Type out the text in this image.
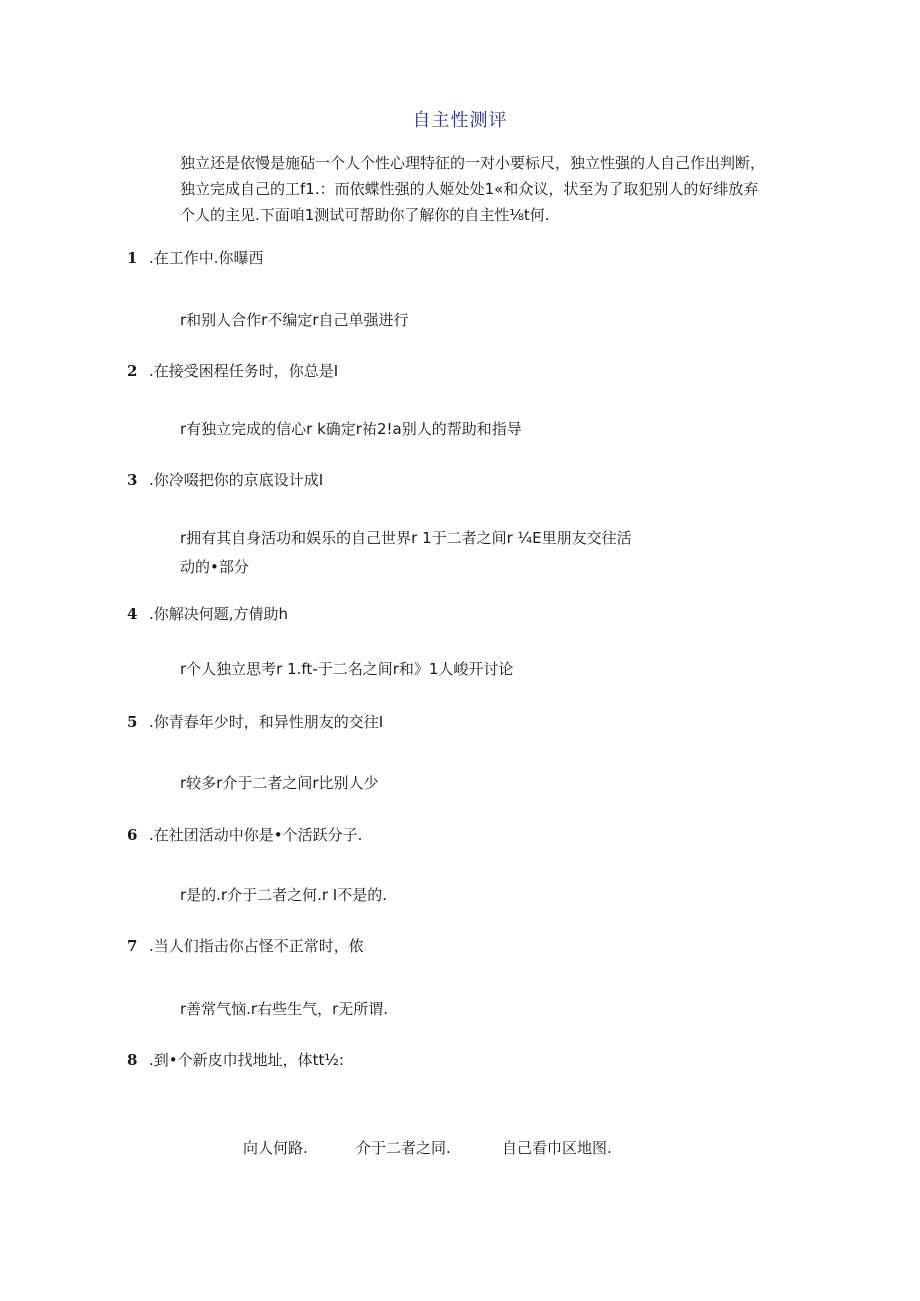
自主性测评

独立还是依慢是施砧一个人个性心理特征的一对小要标尺，独立性强的人自己作出判断，

独立完成自己的工f1.：而依蝶性强的人姬处处1«和众议，状至为了取犯别人的好绯放弃

个人的主见.下面咱1测试可帮助你了解你的自主性⅛t何.

1 .在工作中.你曝西
r和别人合作r不编定r自己单强进行
2 .在接受困程任务时，你总是I
r有独立完成的信心r k确定r祐2!a别人的帮助和指导
3 .你冷啜把你的京底设计成I
r拥有其自身活功和娱乐的自己世界r 1于二者之间r ¼E里朋友交往活
动的•部分
4 .你解决何题,方倩助h
r个人独立思考r 1.ft-于二名之间r和》1人峻开讨论
5 .你青春年少时，和异性朋友的交往I
r较多r介于二者之间r比别人少
6 .在社团活动中你是•个活跃分子.
r是的.r介于二者之何.r I不是的.
7 .当人们指击你占怪不正常时，侬
r善常气恼.r右些生气，r无所谓.
8 .到•个新皮巾找地址，体tt½:
向人何路.	介于二者之同.	自己看巾区地图.
